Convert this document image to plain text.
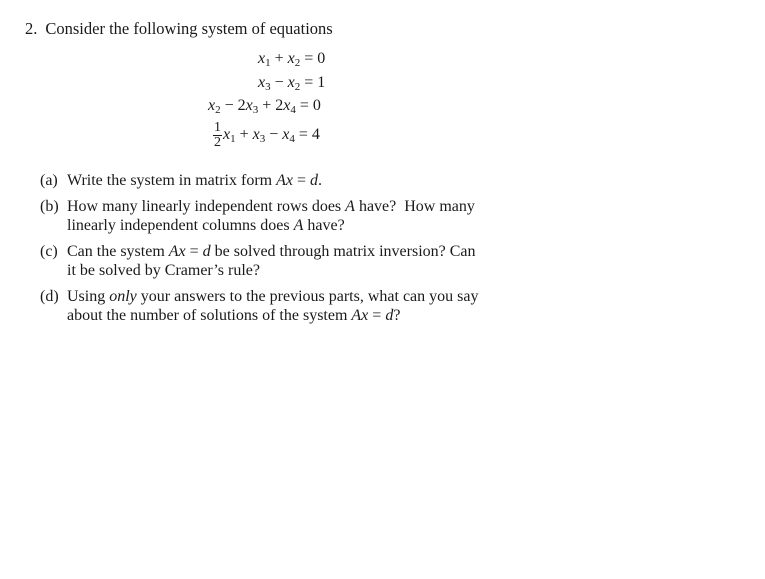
2. Consider the following system of equations
$x_1 + x_2 = 0$
$x_3 - x_2 = 1$
$x_2 - 2x_3 + 2x_4 = 0$
$\frac{1}{2} x_1 + x_3 - x_4 = 4$
(a) Write the system in matrix form Ax = d.
(b) How many linearly independent rows does A have?  How many
linearly independent columns does A have?
(c) Can the system Ax = d be solved through matrix inversion? Can
it be solved by Cramer’s rule?
(d) Using only your answers to the previous parts, what can you say
about the number of solutions of the system Ax = d?
